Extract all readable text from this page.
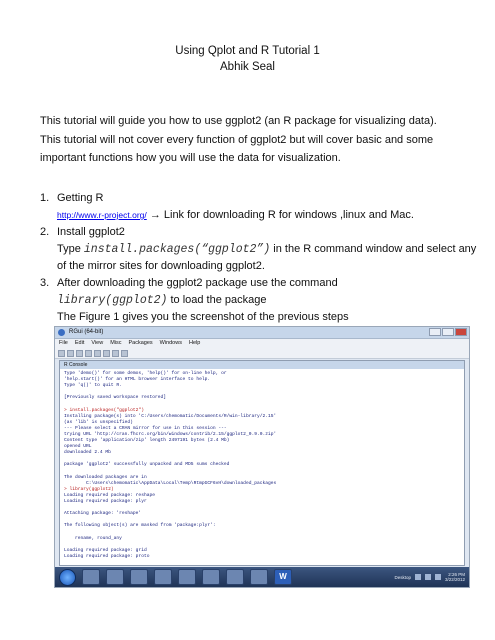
Using Qplot and R Tutorial 1
Abhik Seal
This tutorial will guide you how to use ggplot2 (an R package for visualizing data). This tutorial will not cover every function of ggplot2 but will cover basic and some important functions how you will use the data for visualization.
1. Getting R
http://www.r-project.org/ → Link for downloading R for windows ,linux and Mac.
2. Install ggplot2
Type install.packages(“ggplot2”) in the R command window and select any of the mirror sites for downloading ggplot2.
3. After downloading the ggplot2 package use the command
library(ggplot2) to load the package
The Figure 1 gives you the screenshot of the previous steps
RGui (64-bit)
File Edit View Misc Packages Windows Help
R Console
Type 'demo()' for some demos, 'help()' for on-line help, or
'help.start()' for an HTML browser interface to help.
Type 'q()' to quit R.

[Previously saved workspace restored]

> install.packages("ggplot2")
Installing package(s) into 'C:/Users/chemomatic/Documents/R/win-library/2.15'
(as 'lib' is unspecified)
--- Please select a CRAN mirror for use in this session ---
trying URL 'http://cran.fhcrc.org/bin/windows/contrib/2.15/ggplot2_0.9.0.zip'
Content type 'application/zip' length 2497191 bytes (2.4 Mb)
opened URL
downloaded 2.4 Mb

package 'ggplot2' successfully unpacked and MD5 sums checked

The downloaded packages are in
C:\Users\chemomatic\AppData\Local\Temp\RtmpGCF6vH\downloaded_packages
> library(ggplot2)
Loading required package: reshape
Loading required package: plyr

Attaching package: 'reshape'

The following object(s) are masked from 'package:plyr':

rename, round_any

Loading required package: grid
Loading required package: proto
W	Desktop	2:26 PM
3/22/2012
